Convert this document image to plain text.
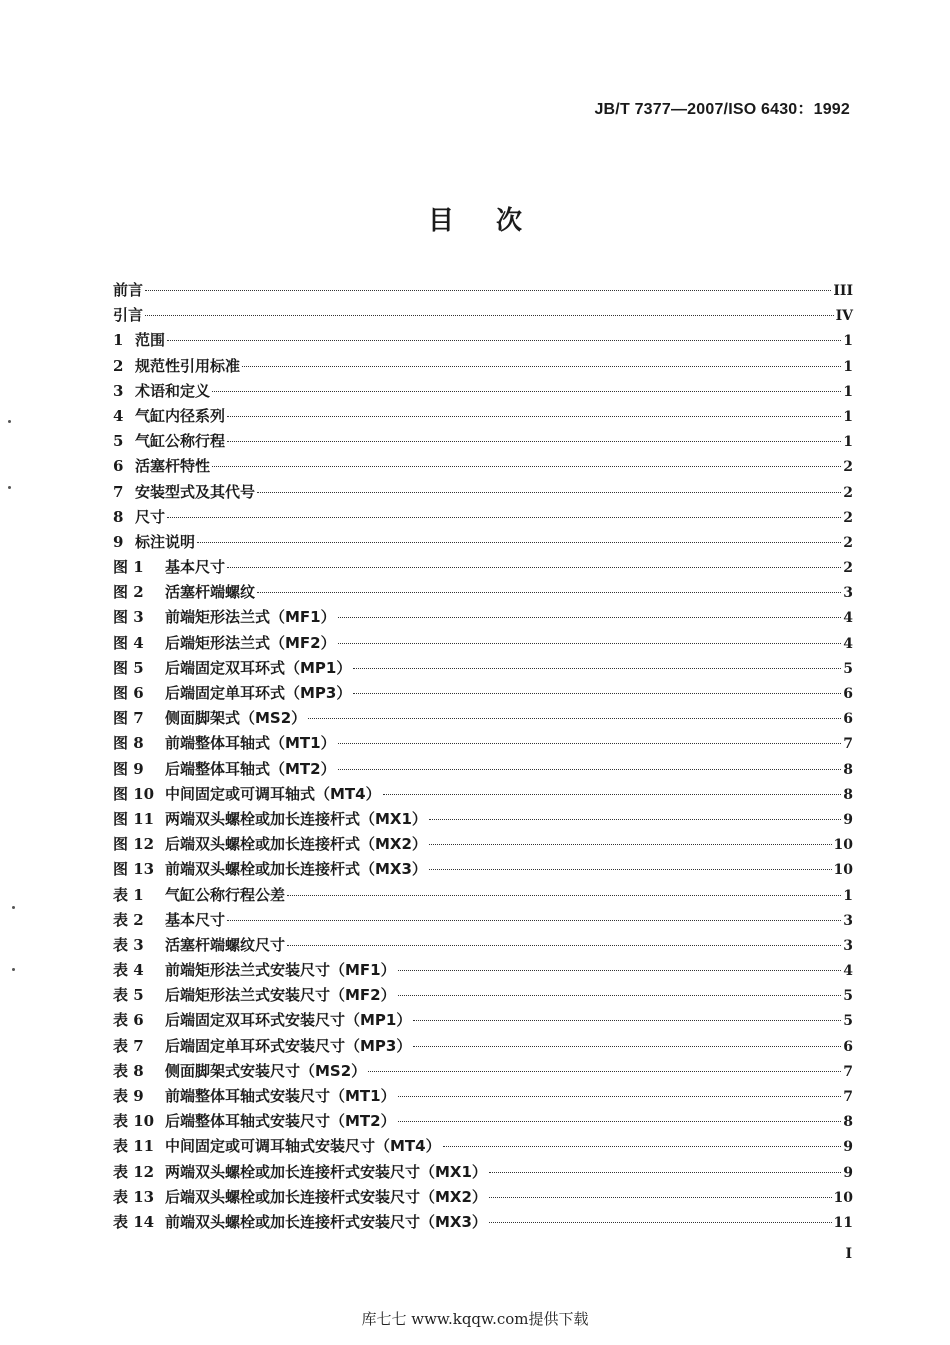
JB/T 7377—2007/ISO 6430：1992
目次
前言	III
引言	IV
1 范围	1
2 规范性引用标准	1
3 术语和定义	1
4 气缸内径系列	1
5 气缸公称行程	1
6 活塞杆特性	2
7 安装型式及其代号	2
8 尺寸	2
9 标注说明	2
图 1	基本尺寸	2
图 2	活塞杆端螺纹	3
图 3	前端矩形法兰式（MF1）	4
图 4	后端矩形法兰式（MF2）	4
图 5	后端固定双耳环式（MP1）	5
图 6	后端固定单耳环式（MP3）	6
图 7	侧面脚架式（MS2）	6
图 8	前端整体耳轴式（MT1）	7
图 9	后端整体耳轴式（MT2）	8
图 10 中间固定或可调耳轴式（MT4）	8
图 11 两端双头螺栓或加长连接杆式（MX1）	9
图 12 后端双头螺栓或加长连接杆式（MX2）	10
图 13 前端双头螺栓或加长连接杆式（MX3）	10
表 1	气缸公称行程公差	1
表 2	基本尺寸	3
表 3	活塞杆端螺纹尺寸	3
表 4	前端矩形法兰式安装尺寸（MF1）	4
表 5	后端矩形法兰式安装尺寸（MF2）	5
表 6	后端固定双耳环式安装尺寸（MP1）	5
表 7	后端固定单耳环式安装尺寸（MP3）	6
表 8	侧面脚架式安装尺寸（MS2）	7
表 9	前端整体耳轴式安装尺寸（MT1）	7
表 10 后端整体耳轴式安装尺寸（MT2）	8
表 11 中间固定或可调耳轴式安装尺寸（MT4）	9
表 12 两端双头螺栓或加长连接杆式安装尺寸（MX1）	9
表 13 后端双头螺栓或加长连接杆式安装尺寸（MX2）	10
表 14 前端双头螺栓或加长连接杆式安装尺寸（MX3）	11
I
库七七 www.kqqw.com提供下载
